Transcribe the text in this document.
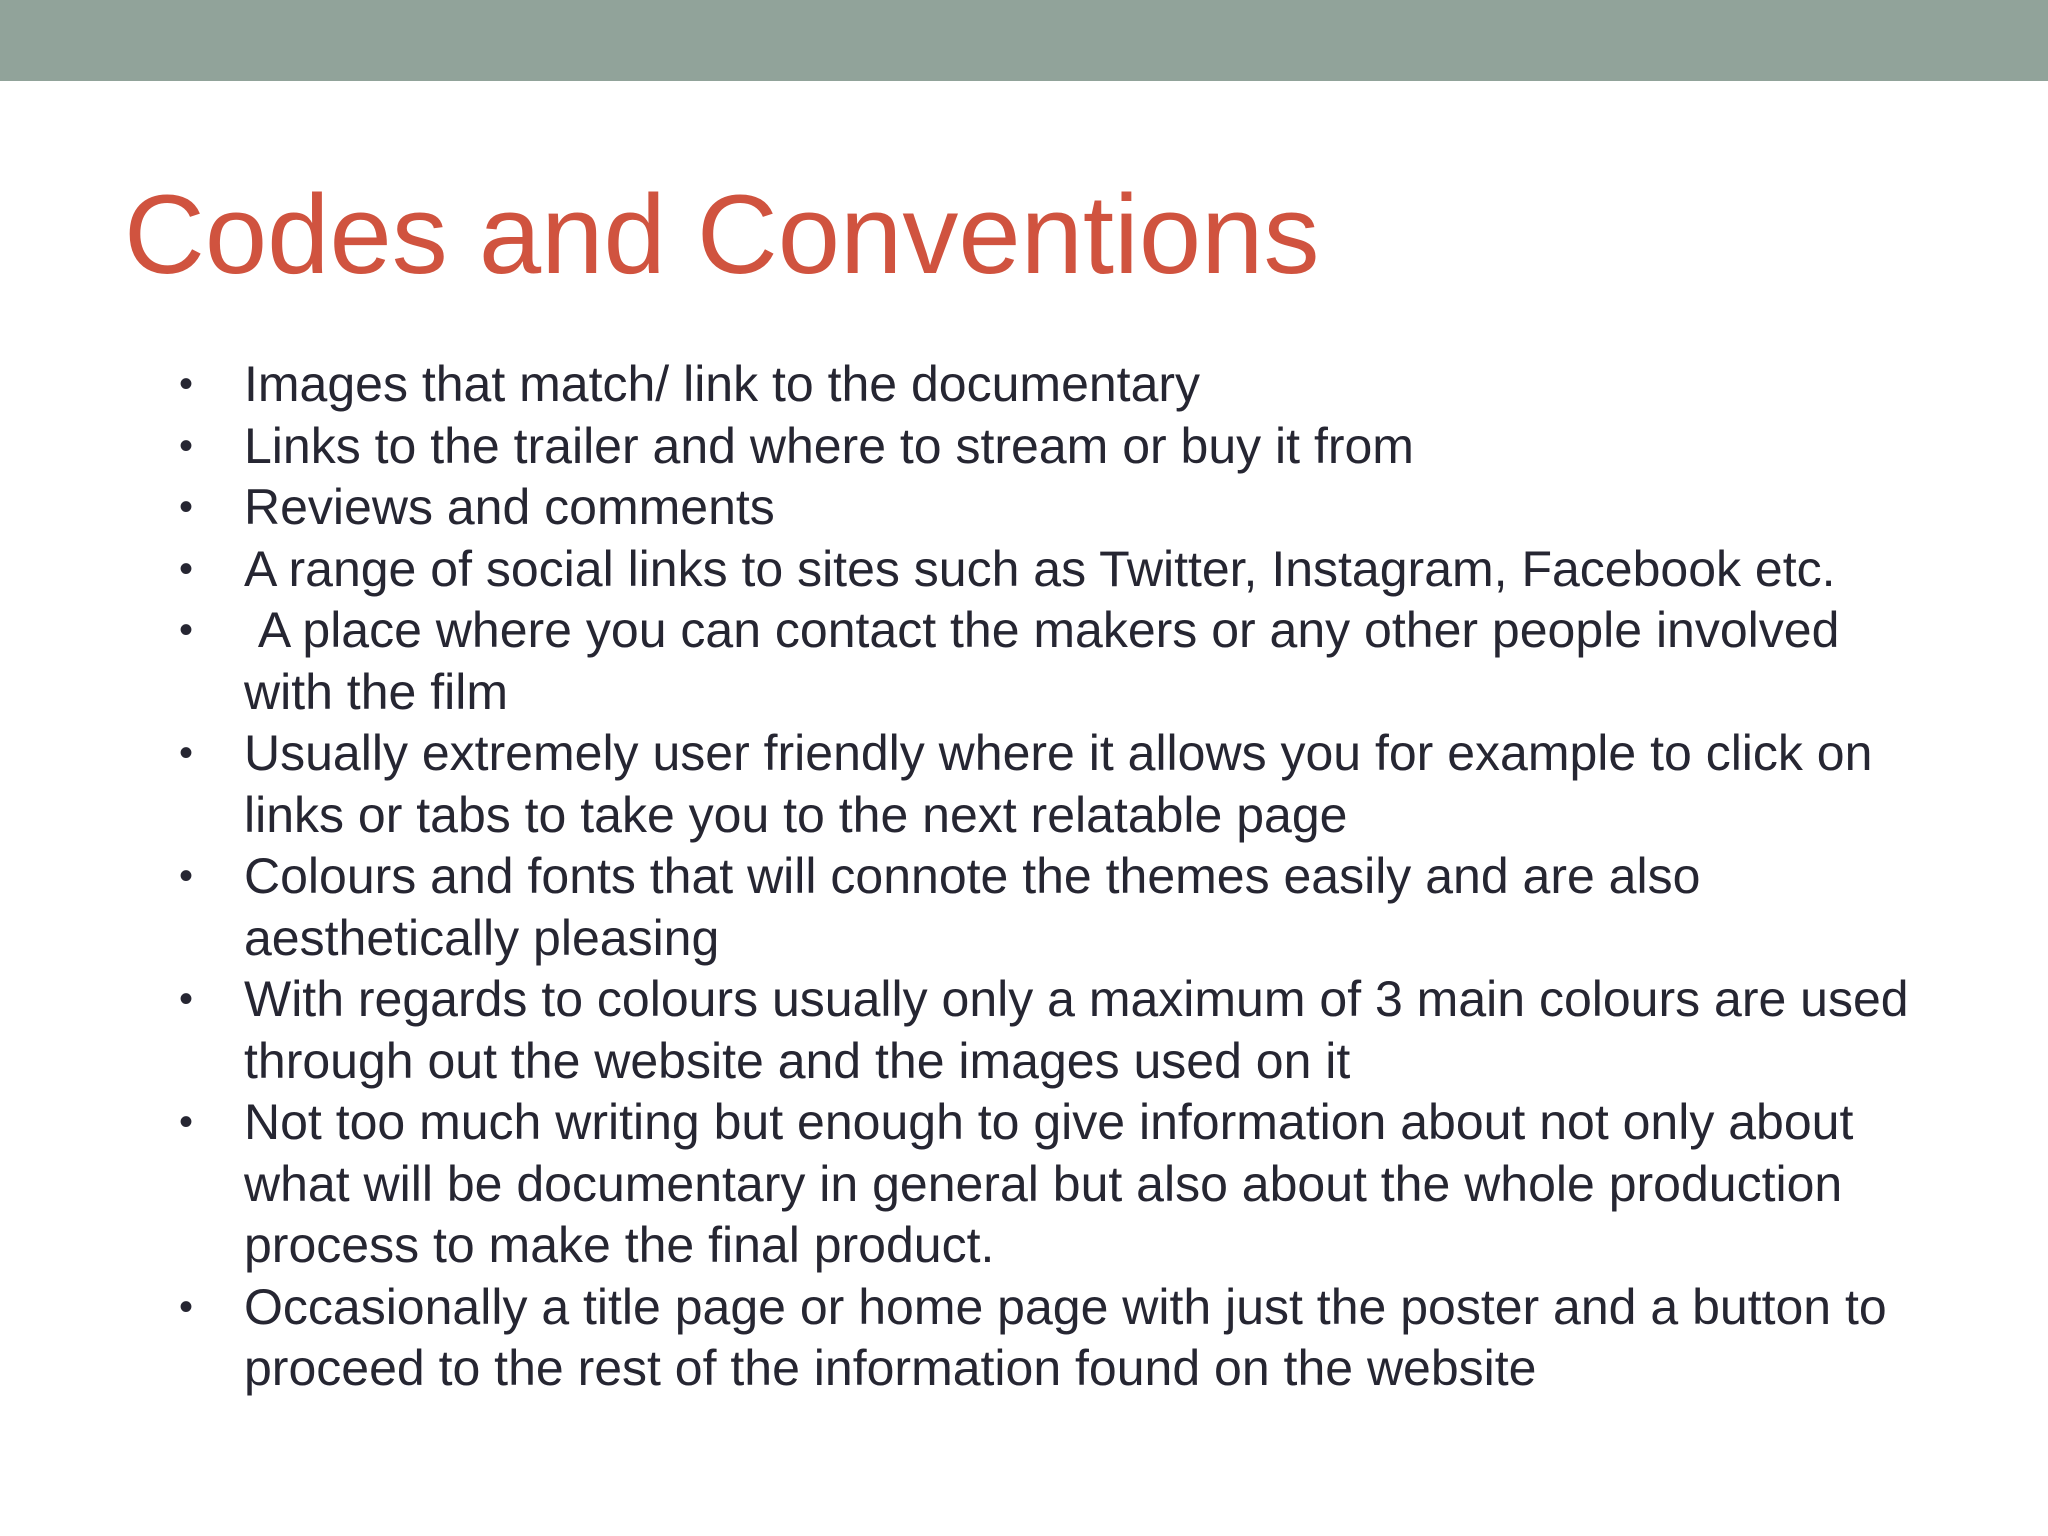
Codes and Conventions
•	Images that match/ link to the documentary
•	Links to the trailer and where to stream or buy it from
•	Reviews and comments
•	A range of social links to sites such as Twitter, Instagram, Facebook etc.
•	A place where you can contact the makers or any other people involved with the film
•	Usually extremely user friendly where it allows you for example to click on links or tabs to take you to the next relatable page
•	Colours and fonts that will connote the themes easily and are also aesthetically pleasing
•	With regards to colours usually only a maximum of 3 main colours are used through out the website and the images used on it
•	Not too much writing but enough to give information about not only about what will be documentary in general but also about the whole production process to make the final product.
•	Occasionally a title page or home page with just the poster and a button to proceed to the rest of the information found on the website
